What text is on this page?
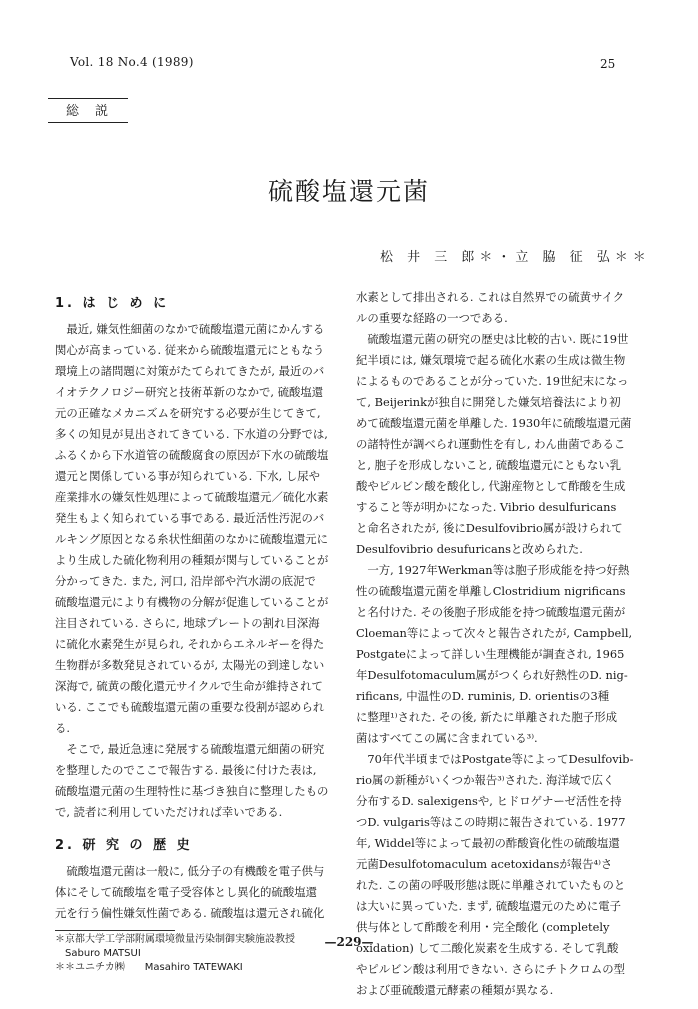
Vol. 18 No.4 (1989)	25
総説
硫酸塩還元菌
松 井 三 郎＊・立 脇 征 弘＊＊
1. は じ め に
　最近, 嫌気性細菌のなかで硫酸塩還元菌にかんする
関心が高まっている. 従来から硫酸塩還元にともなう
環境上の諸問題に対策がたてられてきたが, 最近のバ
イオテクノロジー研究と技術革新のなかで, 硫酸塩還
元の正確なメカニズムを研究する必要が生じてきて,
多くの知見が見出されてきている. 下水道の分野では,
ふるくから下水道管の硫酸腐食の原因が下水の硫酸塩
還元と関係している事が知られている. 下水, し尿や
産業排水の嫌気性処理によって硫酸塩還元／硫化水素
発生もよく知られている事である. 最近活性汚泥のバ
ルキング原因となる糸状性細菌のなかに硫酸塩還元に
より生成した硫化物利用の種類が関与していることが
分かってきた. また, 河口, 沿岸部や汽水湖の底泥で
硫酸塩還元により有機物の分解が促進していることが
注目されている. さらに, 地球プレートの割れ目深海
に硫化水素発生が見られ, それからエネルギーを得た
生物群が多数発見されているが, 太陽光の到達しない
深海で, 硫黄の酸化還元サイクルで生命が維持されて
いる. ここでも硫酸塩還元菌の重要な役割が認められ
る.
　そこで, 最近急速に発展する硫酸塩還元細菌の研究
を整理したのでここで報告する. 最後に付けた表は,
硫酸塩還元菌の生理特性に基づき独自に整理したもの
で, 読者に利用していただければ幸いである.
2. 研 究 の 歴 史
　硫酸塩還元菌は一般に, 低分子の有機酸を電子供与
体にそして硫酸塩を電子受容体とし異化的硫酸塩還
元を行う偏性嫌気性菌である. 硫酸塩は還元され硫化
＊京都大学工学部附属環境微量汚染制御実験施設教授
　Saburo MATSUI
＊＊ユニチカ㈱　　Masahiro TATEWAKI
水素として排出される. これは自然界での硫黄サイク
ルの重要な経路の一つである.
　硫酸塩還元菌の研究の歴史は比較的古い. 既に19世
紀半頃には, 嫌気環境で起る硫化水素の生成は微生物
によるものであることが分っていた. 19世紀末になっ
て, Beijerinkが独自に開発した嫌気培養法により初
めて硫酸塩還元菌を単離した. 1930年に硫酸塩還元菌
の諸特性が調べられ運動性を有し, わん曲菌であるこ
と, 胞子を形成しないこと, 硫酸塩還元にともない乳
酸やピルビン酸を酸化し, 代謝産物として酢酸を生成
すること等が明かになった. Vibrio desulfuricans
と命名されたが, 後にDesulfovibrio属が設けられて
Desulfovibrio desufuricansと改められた.
　一方, 1927年Werkman等は胞子形成能を持つ好熱
性の硫酸塩還元菌を単離しClostridium nigrificans
と名付けた. その後胞子形成能を持つ硫酸塩還元菌が
Cloeman等によって次々と報告されたが, Campbell,
Postgateによって詳しい生理機能が調査され, 1965
年Desulfotomaculum属がつくられ好熱性のD. nig-
rificans, 中温性のD. ruminis, D. orientisの3種
に整理¹⁾された. その後, 新たに単離された胞子形成
菌はすべてこの属に含まれている³⁾.
　70年代半頃まではPostgate等によってDesulfovib-
rio属の新種がいくつか報告³⁾された. 海洋域で広く
分布するD. salexigensや, ヒドロゲナーゼ活性を持
つD. vulgaris等はこの時期に報告されている. 1977
年, Widdel等によって最初の酢酸資化性の硫酸塩還
元菌Desulfotomaculum acetoxidansが報告⁴⁾さ
れた. この菌の呼吸形態は既に単離されていたものと
は大いに異っていた. まず, 硫酸塩還元のために電子
供与体として酢酸を利用・完全酸化 (completely
oxidation) して二酸化炭素を生成する. そして乳酸
やピルビン酸は利用できない. さらにチトクロムの型
および亜硫酸還元酵素の種類が異なる.
—229—
